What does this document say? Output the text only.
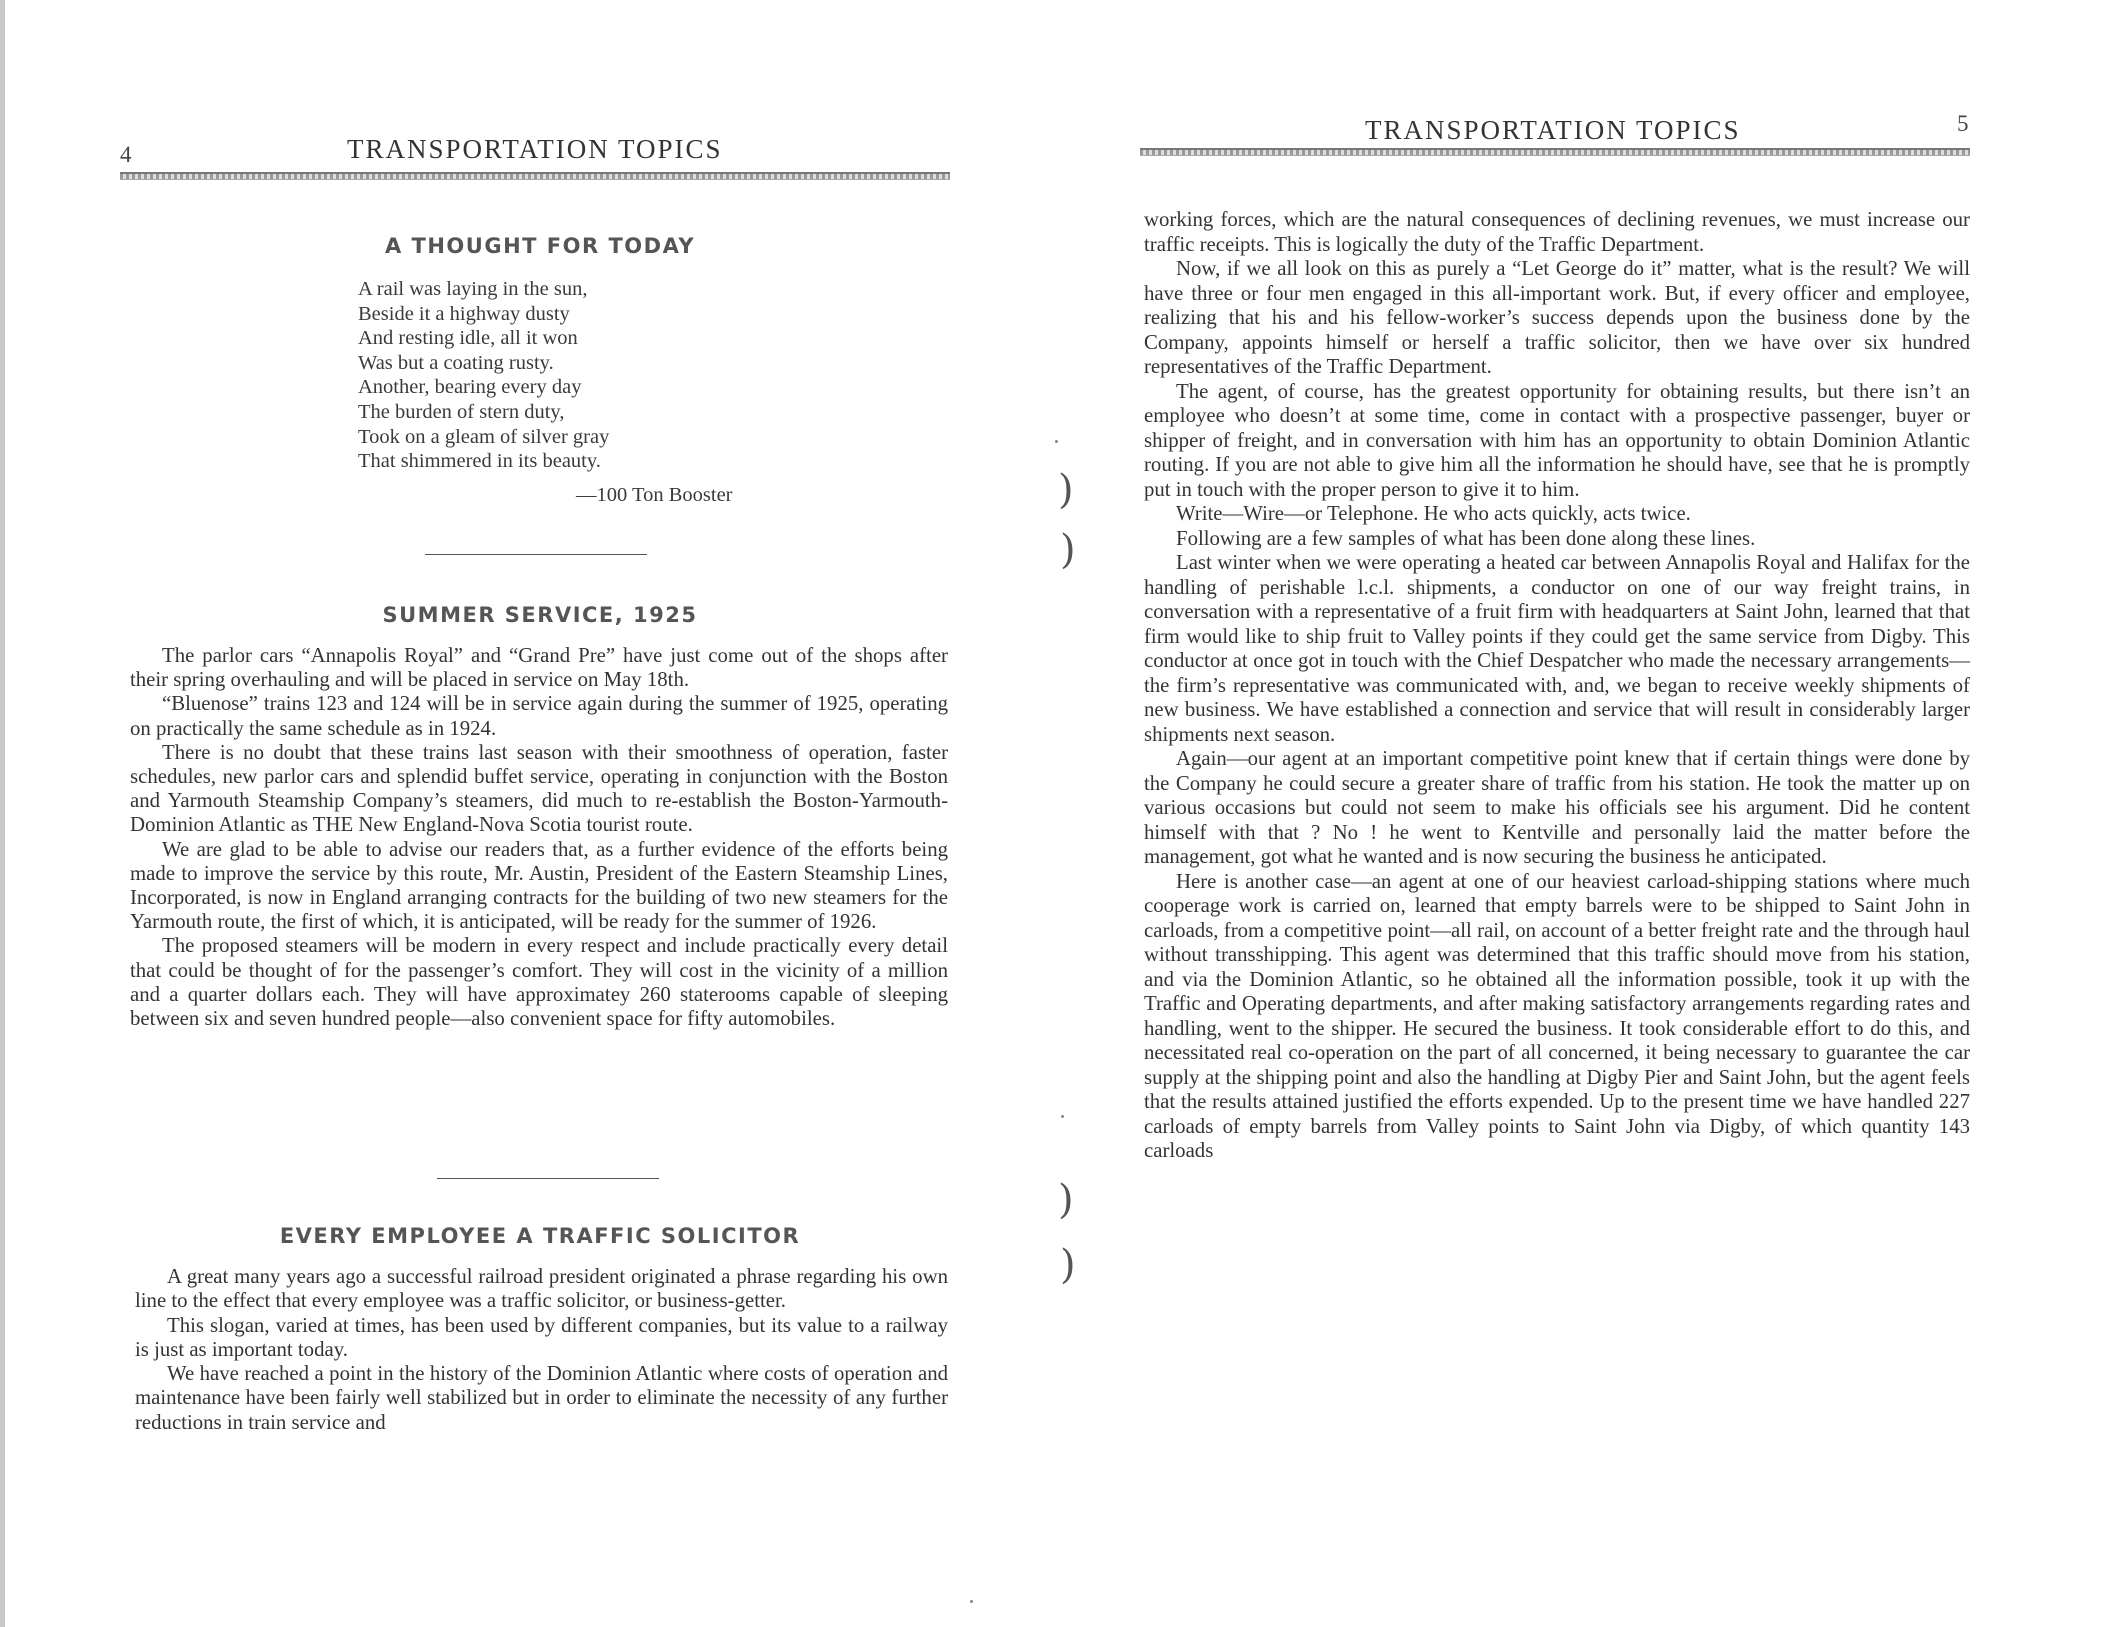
4	TRANSPORTATION TOPICS
A THOUGHT FOR TODAY
A rail was laying in the sun,
Beside it a highway dusty
And resting idle, all it won
Was but a coating rusty.
Another, bearing every day
The burden of stern duty,
Took on a gleam of silver gray
That shimmered in its beauty.
—100 Ton Booster
SUMMER SERVICE, 1925

The parlor cars “Annapolis Royal” and “Grand Pre” have just come out of the shops after their spring overhauling and will be placed in service on May 18th.

“Bluenose” trains 123 and 124 will be in service again during the summer of 1925, operating on practically the same schedule as in 1924.

There is no doubt that these trains last season with their smoothness of operation, faster schedules, new parlor cars and splendid buffet service, operating in conjunction with the Boston and Yarmouth Steamship Company’s steamers, did much to re-establish the Boston-Yarmouth-Dominion Atlantic as THE New England-Nova Scotia tourist route.

We are glad to be able to advise our readers that, as a further evidence of the efforts being made to improve the service by this route, Mr. Austin, President of the Eastern Steamship Lines, Incorporated, is now in England arranging contracts for the building of two new steamers for the Yarmouth route, the first of which, it is anticipated, will be ready for the summer of 1926.

The proposed steamers will be modern in every respect and include practically every detail that could be thought of for the passenger’s comfort. They will cost in the vicinity of a million and a quarter dollars each. They will have approximatey 260 staterooms capable of sleeping between six and seven hundred people—also convenient space for fifty automobiles.

EVERY EMPLOYEE A TRAFFIC SOLICITOR

A great many years ago a successful railroad president originated a phrase regarding his own line to the effect that every employee was a traffic solicitor, or business-getter.

This slogan, varied at times, has been used by different companies, but its value to a railway is just as important today.

We have reached a point in the history of the Dominion Atlantic where costs of operation and maintenance have been fairly well stabilized but in order to eliminate the necessity of any further reductions in train service and

)
)
)
)
TRANSPORTATION TOPICS	5

working forces, which are the natural consequences of declining revenues, we must increase our traffic receipts. This is logically the duty of the Traffic Department.

Now, if we all look on this as purely a “Let George do it” matter, what is the result? We will have three or four men engaged in this all-important work. But, if every officer and employee, realizing that his and his fellow-worker’s success depends upon the business done by the Company, appoints himself or herself a traffic solicitor, then we have over six hundred representatives of the Traffic Department.

The agent, of course, has the greatest opportunity for obtaining results, but there isn’t an employee who doesn’t at some time, come in contact with a prospective passenger, buyer or shipper of freight, and in conversation with him has an opportunity to obtain Dominion Atlantic routing. If you are not able to give him all the information he should have, see that he is promptly put in touch with the proper person to give it to him.

Write—Wire—or Telephone. He who acts quickly, acts twice.

Following are a few samples of what has been done along these lines.

Last winter when we were operating a heated car between Annapolis Royal and Halifax for the handling of perishable l.c.l. shipments, a conductor on one of our way freight trains, in conversation with a representative of a fruit firm with headquarters at Saint John, learned that that firm would like to ship fruit to Valley points if they could get the same service from Digby. This conductor at once got in touch with the Chief Despatcher who made the necessary arrangements—the firm’s representative was communicated with, and, we began to receive weekly shipments of new business. We have established a connection and service that will result in considerably larger shipments next season.

Again—our agent at an important competitive point knew that if certain things were done by the Company he could secure a greater share of traffic from his station. He took the matter up on various occasions but could not seem to make his officials see his argument. Did he content himself with that ? No ! he went to Kentville and personally laid the matter before the management, got what he wanted and is now securing the business he anticipated.

Here is another case—an agent at one of our heaviest carload-shipping stations where much cooperage work is carried on, learned that empty barrels were to be shipped to Saint John in carloads, from a competitive point—all rail, on account of a better freight rate and the through haul without transshipping. This agent was determined that this traffic should move from his station, and via the Dominion Atlantic, so he obtained all the information possible, took it up with the Traffic and Operating departments, and after making satisfactory arrangements regarding rates and handling, went to the shipper. He secured the business. It took considerable effort to do this, and necessitated real co-operation on the part of all concerned, it being necessary to guarantee the car supply at the shipping point and also the handling at Digby Pier and Saint John, but the agent feels that the results attained justified the efforts expended. Up to the present time we have handled 227 carloads of empty barrels from Valley points to Saint John via Digby, of which quantity 143 carloads
